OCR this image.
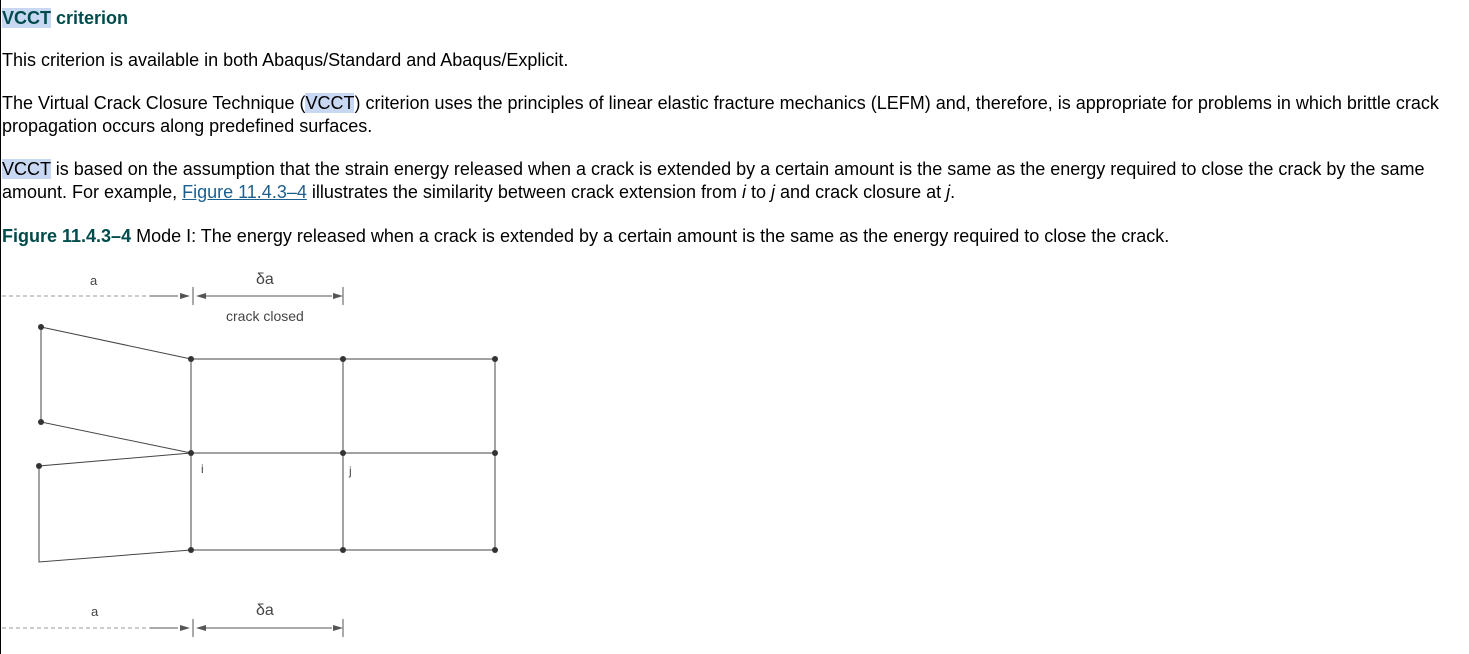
VCCT criterion

This criterion is available in both Abaqus/Standard and Abaqus/Explicit.

The Virtual Crack Closure Technique (VCCT) criterion uses the principles of linear elastic fracture mechanics (LEFM) and, therefore, is appropriate for problems in which brittle crack propagation occurs along predefined surfaces.

VCCT is based on the assumption that the strain energy released when a crack is extended by a certain amount is the same as the energy required to close the crack by the same amount. For example, Figure 11.4.3–4 illustrates the similarity between crack extension from i to j and crack closure at j.

Figure 11.4.3–4 Mode I: The energy released when a crack is extended by a certain amount is the same as the energy required to close the crack.

a	δa
crack closed
i	j
a	δa
